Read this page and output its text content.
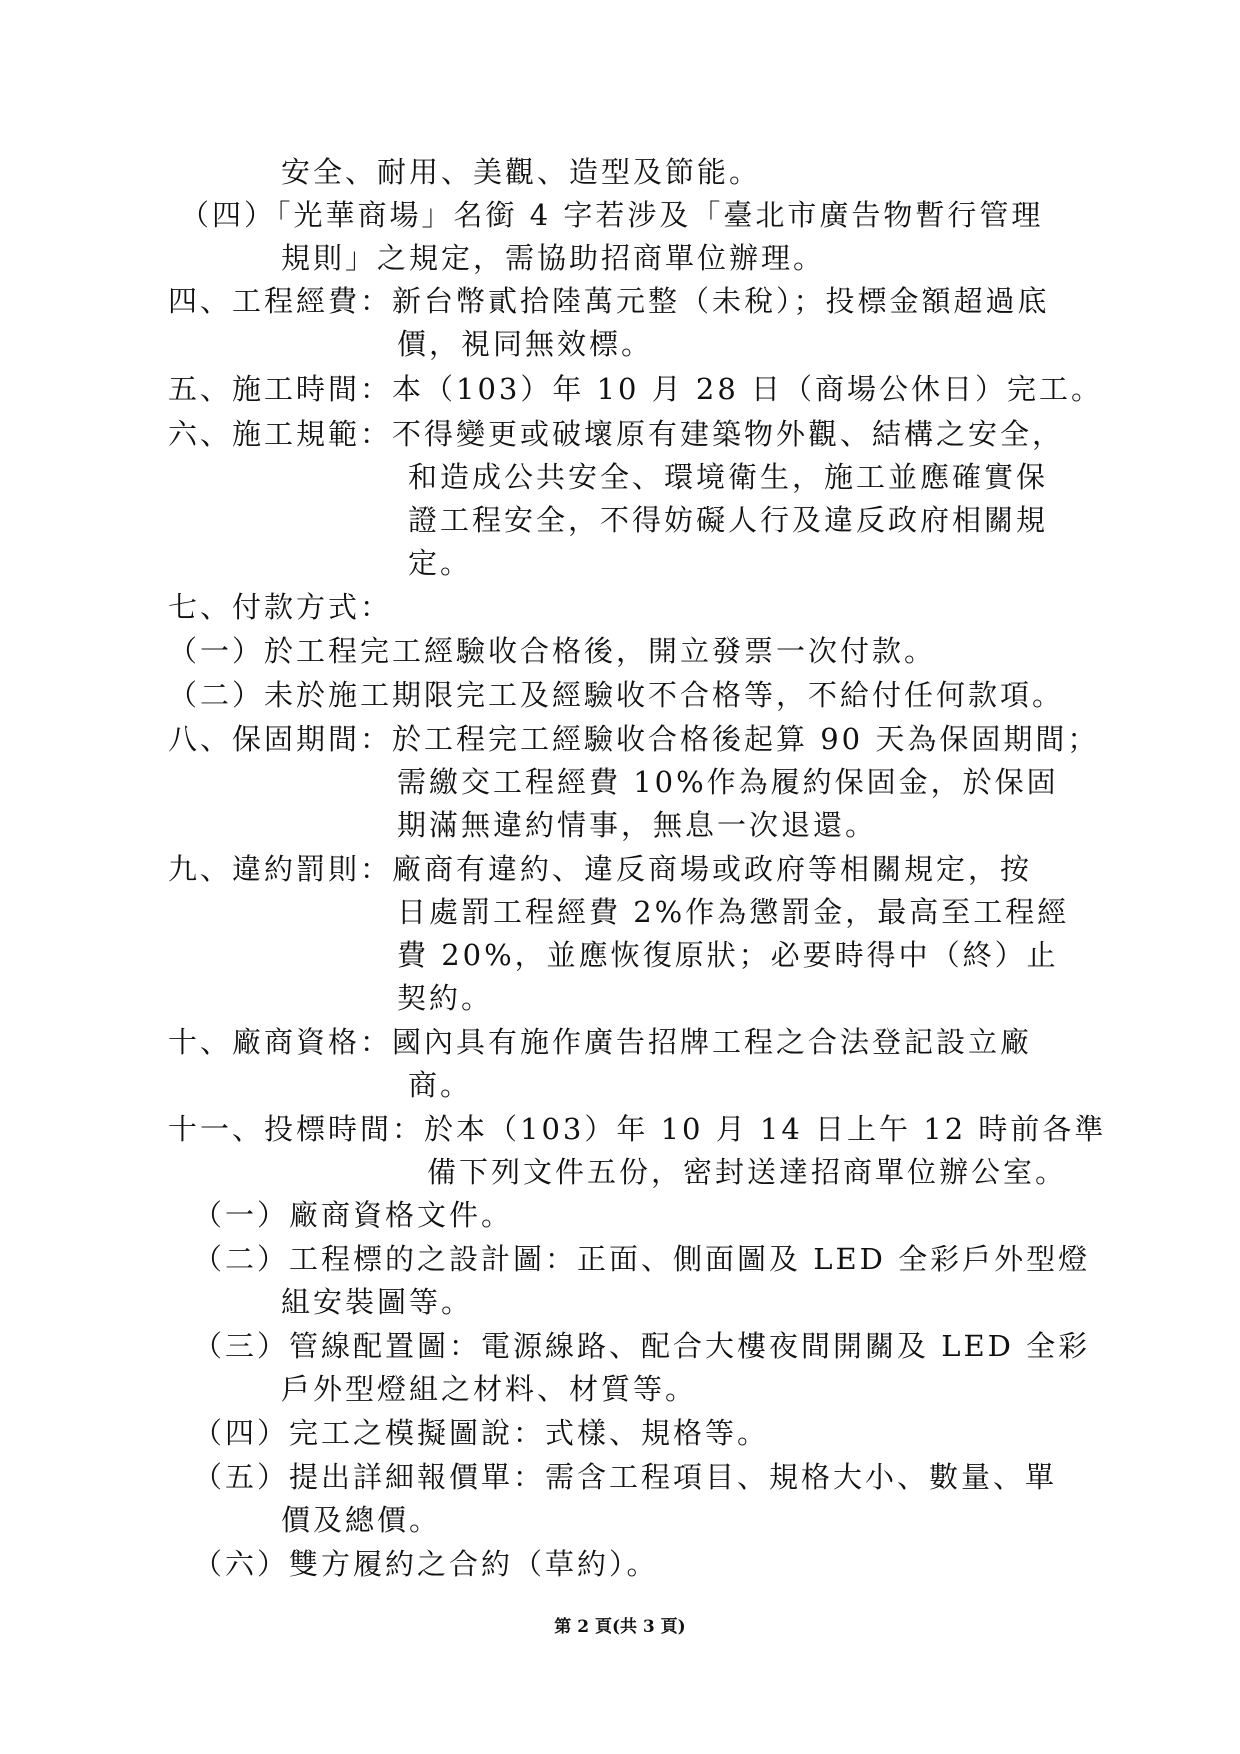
安全、耐用、美觀、造型及節能。
（四）「光華商場」名銜 4 字若涉及「臺北市廣告物暫行管理
規則」之規定，需協助招商單位辦理。
四、工程經費：新台幣貳拾陸萬元整（未稅）；投標金額超過底
價，視同無效標。
五、施工時間：本（103）年 10 月 28 日（商場公休日）完工。
六、施工規範：不得變更或破壞原有建築物外觀、結構之安全，
和造成公共安全、環境衛生，施工並應確實保
證工程安全，不得妨礙人行及違反政府相關規
定。
七、付款方式：
（一）於工程完工經驗收合格後，開立發票一次付款。
（二）未於施工期限完工及經驗收不合格等，不給付任何款項。
八、保固期間：於工程完工經驗收合格後起算 90 天為保固期間；
需繳交工程經費 10%作為履約保固金，於保固
期滿無違約情事，無息一次退還。
九、違約罰則：廠商有違約、違反商場或政府等相關規定，按
日處罰工程經費 2%作為懲罰金，最高至工程經
費 20%，並應恢復原狀；必要時得中（終）止
契約。
十、廠商資格：國內具有施作廣告招牌工程之合法登記設立廠
商。
十一、投標時間：於本（103）年 10 月 14 日上午 12 時前各準
備下列文件五份，密封送達招商單位辦公室。
（一）廠商資格文件。
（二）工程標的之設計圖：正面、側面圖及 LED 全彩戶外型燈
組安裝圖等。
（三）管線配置圖：電源線路、配合大樓夜間開關及 LED 全彩
戶外型燈組之材料、材質等。
（四）完工之模擬圖說：式樣、規格等。
（五）提出詳細報價單：需含工程項目、規格大小、數量、單
價及總價。
（六）雙方履約之合約（草約）。
第 2 頁(共 3 頁)
